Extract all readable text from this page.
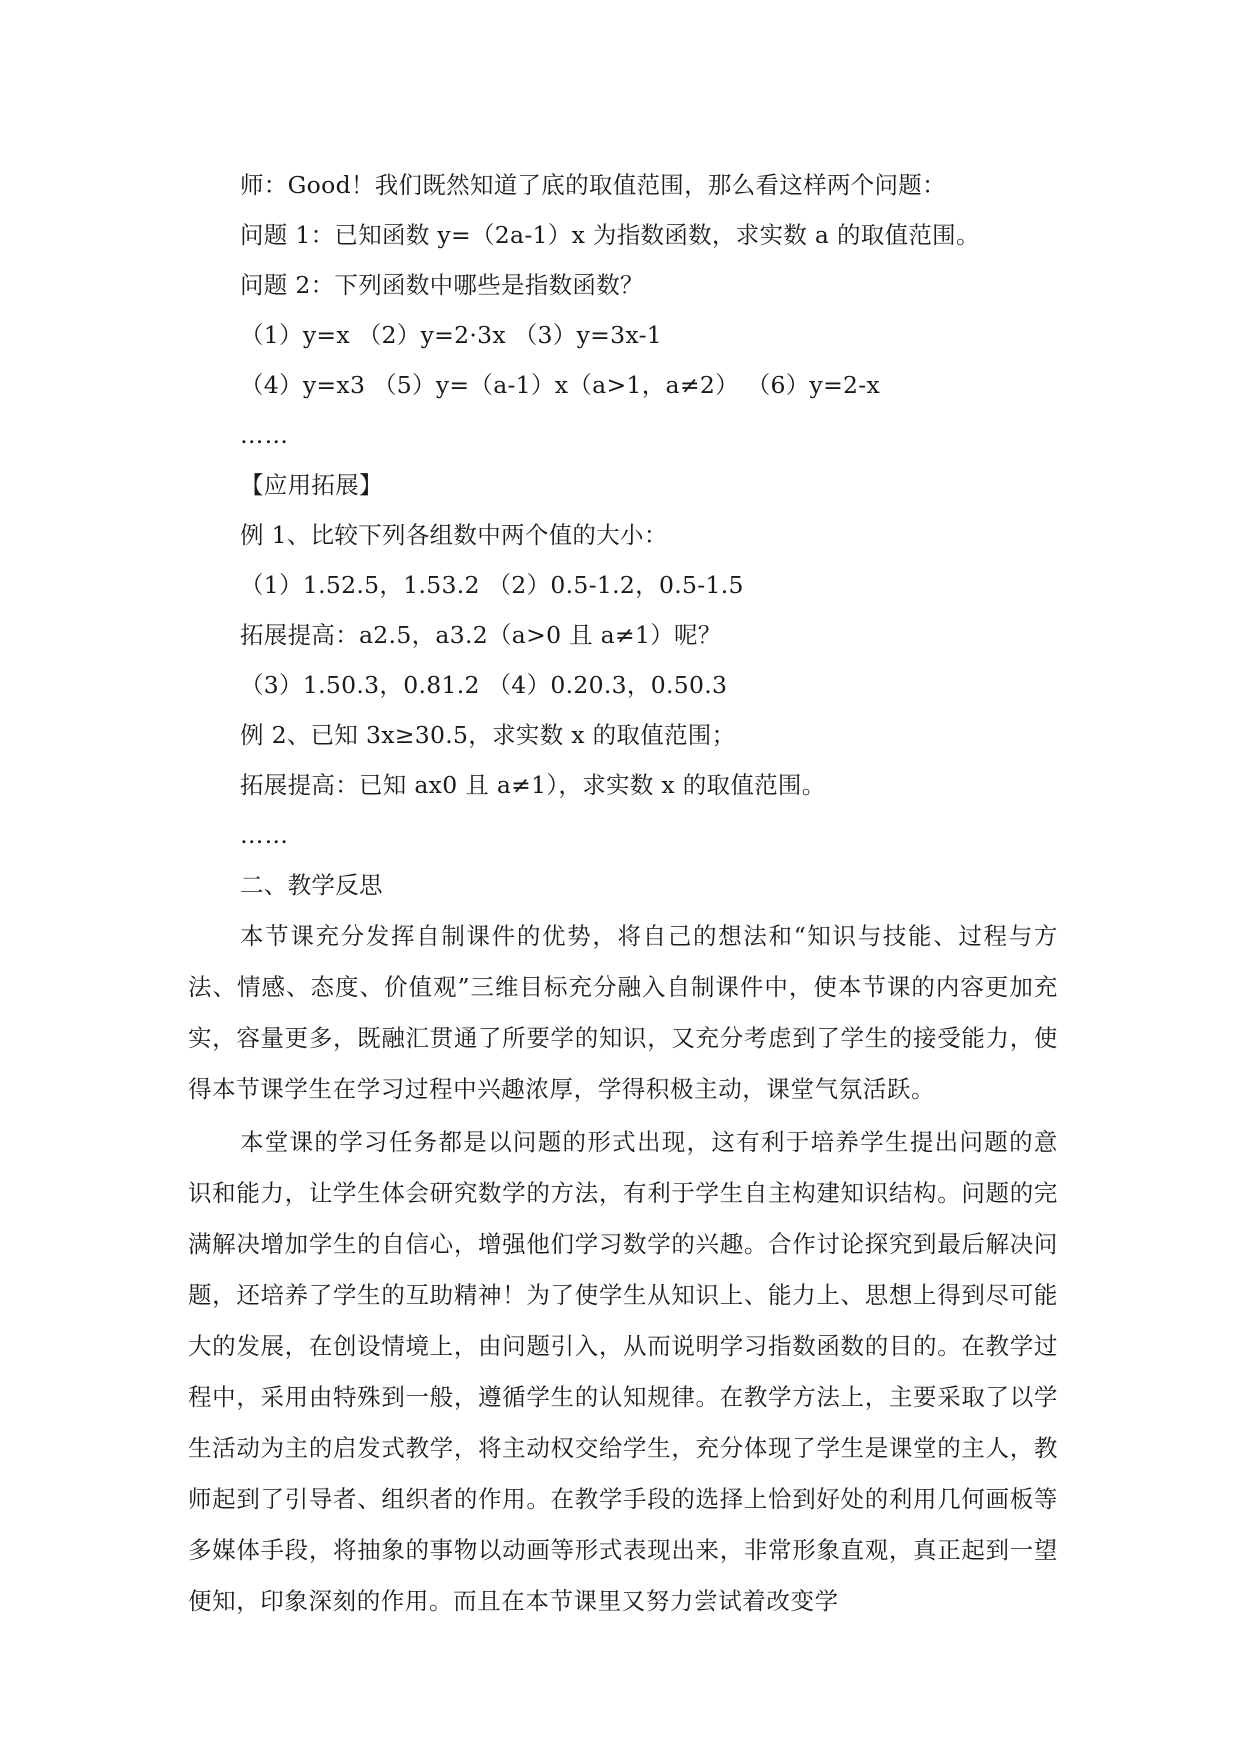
师：Good！我们既然知道了底的取值范围，那么看这样两个问题：
问题 1：已知函数 y=（2a-1）x 为指数函数，求实数 a 的取值范围。
问题 2：下列函数中哪些是指数函数？
（1）y=x （2）y=2·3x （3）y=3x-1
（4）y=x3 （5）y=（a-1）x（a>1，a≠2） （6）y=2-x
……
【应用拓展】
例 1、比较下列各组数中两个值的大小：
（1）1.52.5，1.53.2 （2）0.5-1.2，0.5-1.5
拓展提高：a2.5，a3.2（a>0 且 a≠1）呢？
（3）1.50.3，0.81.2 （4）0.20.3，0.50.3
例 2、已知 3x≥30.5，求实数 x 的取值范围；
拓展提高：已知 ax0 且 a≠1），求实数 x 的取值范围。
……
二、教学反思

本节课充分发挥自制课件的优势，将自己的想法和“知识与技能、过程与方法、情感、态度、价值观”三维目标充分融入自制课件中，使本节课的内容更加充实，容量更多，既融汇贯通了所要学的知识，又充分考虑到了学生的接受能力，使得本节课学生在学习过程中兴趣浓厚，学得积极主动，课堂气氛活跃。

本堂课的学习任务都是以问题的形式出现，这有利于培养学生提出问题的意识和能力，让学生体会研究数学的方法，有利于学生自主构建知识结构。问题的完满解决增加学生的自信心，增强他们学习数学的兴趣。合作讨论探究到最后解决问题，还培养了学生的互助精神！为了使学生从知识上、能力上、思想上得到尽可能大的发展，在创设情境上，由问题引入，从而说明学习指数函数的目的。在教学过程中，采用由特殊到一般，遵循学生的认知规律。在教学方法上，主要采取了以学生活动为主的启发式教学，将主动权交给学生，充分体现了学生是课堂的主人，教师起到了引导者、组织者的作用。在教学手段的选择上恰到好处的利用几何画板等多媒体手段，将抽象的事物以动画等形式表现出来，非常形象直观，真正起到一望便知，印象深刻的作用。而且在本节课里又努力尝试着改变学
